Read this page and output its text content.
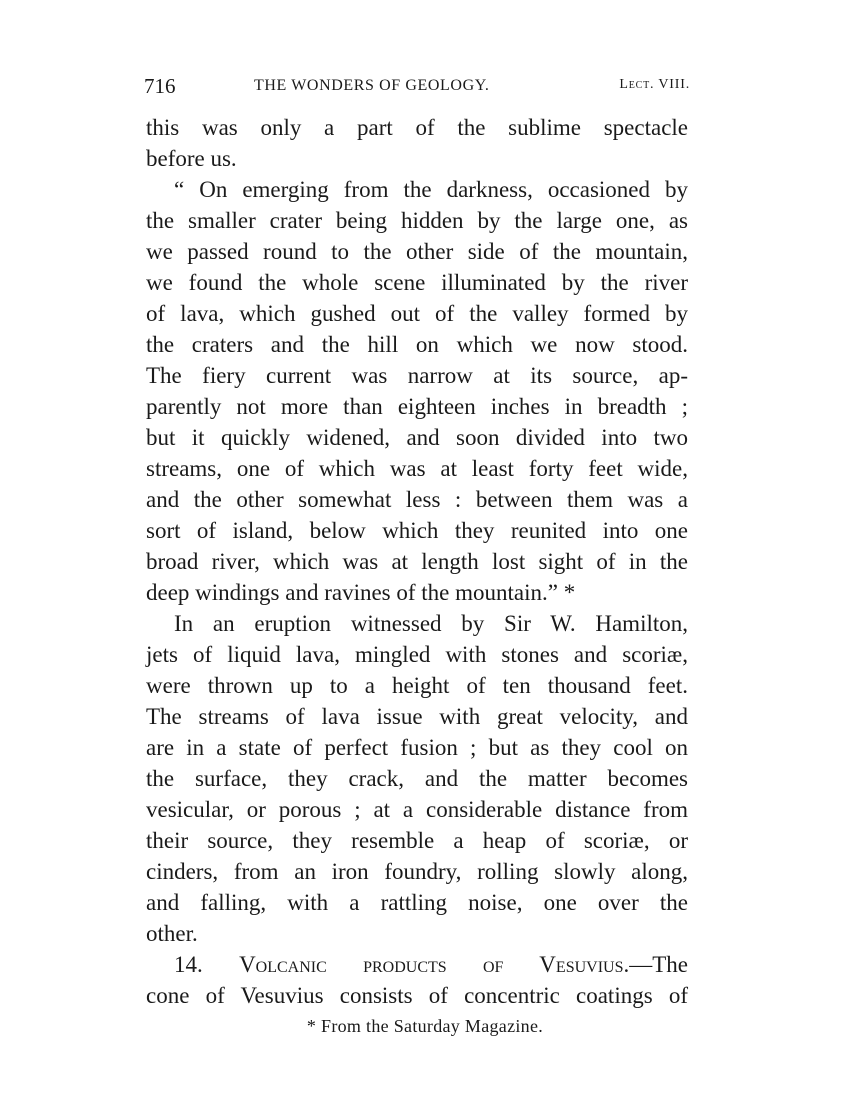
716	THE WONDERS OF GEOLOGY.	Lect. VIII.
this was only a part of the sublime spectacle
before us.
“ On emerging from the darkness, occasioned by
the smaller crater being hidden by the large one, as
we passed round to the other side of the mountain,
we found the whole scene illuminated by the river
of lava, which gushed out of the valley formed by
the craters and the hill on which we now stood.
The fiery current was narrow at its source, ap-
parently not more than eighteen inches in breadth ;
but it quickly widened, and soon divided into two
streams, one of which was at least forty feet wide,
and the other somewhat less : between them was a
sort of island, below which they reunited into one
broad river, which was at length lost sight of in the
deep windings and ravines of the mountain.” *
In an eruption witnessed by Sir W. Hamilton,
jets of liquid lava, mingled with stones and scoriæ,
were thrown up to a height of ten thousand feet.
The streams of lava issue with great velocity, and
are in a state of perfect fusion ; but as they cool on
the surface, they crack, and the matter becomes
vesicular, or porous ; at a considerable distance from
their source, they resemble a heap of scoriæ, or
cinders, from an iron foundry, rolling slowly along,
and falling, with a rattling noise, one over the
other.
14. Volcanic products of Vesuvius.—The
cone of Vesuvius consists of concentric coatings of
* From the Saturday Magazine.
